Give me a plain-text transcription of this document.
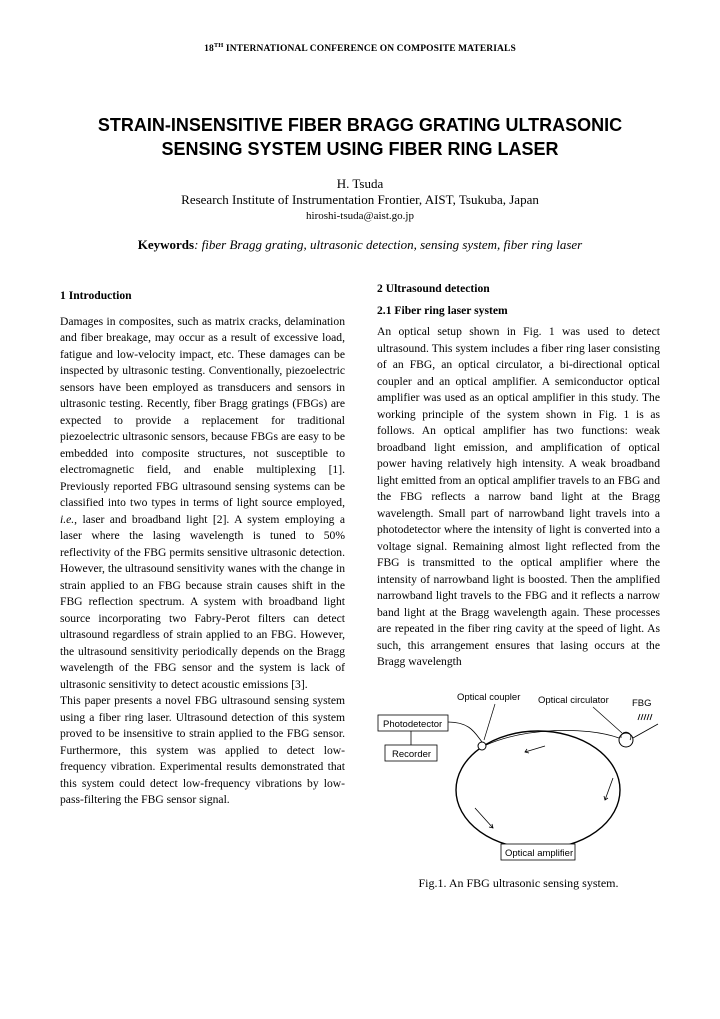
18TH INTERNATIONAL CONFERENCE ON COMPOSITE MATERIALS
STRAIN-INSENSITIVE FIBER BRAGG GRATING ULTRASONIC
SENSING SYSTEM USING FIBER RING LASER
H. Tsuda
Research Institute of Instrumentation Frontier, AIST, Tsukuba, Japan
hiroshi-tsuda@aist.go.jp
Keywords: fiber Bragg grating, ultrasonic detection, sensing system, fiber ring laser
1 Introduction

Damages in composites, such as matrix cracks, delamination and fiber breakage, may occur as a result of excessive load, fatigue and low-velocity impact, etc. These damages can be inspected by ultrasonic testing. Conventionally, piezoelectric sensors have been employed as transducers and sensors in ultrasonic testing. Recently, fiber Bragg gratings (FBGs) are expected to provide a replacement for traditional piezoelectric ultrasonic sensors, because FBGs are easy to be embedded into composite structures, not susceptible to electromagnetic field, and enable multiplexing [1]. Previously reported FBG ultrasound sensing systems can be classified into two types in terms of light source employed, i.e., laser and broadband light [2]. A system employing a laser where the lasing wavelength is tuned to 50% reflectivity of the FBG permits sensitive ultrasonic detection. However, the ultrasound sensitivity wanes with the change in strain applied to an FBG because strain causes shift in the FBG reflection spectrum. A system with broadband light source incorporating two Fabry-Perot filters can detect ultrasound regardless of strain applied to an FBG. However, the ultrasound sensitivity periodically depends on the Bragg wavelength of the FBG sensor and the system is lack of ultrasonic sensitivity to detect acoustic emissions [3].

This paper presents a novel FBG ultrasound sensing system using a fiber ring laser. Ultrasound detection of this system proved to be insensitive to strain applied to the FBG sensor. Furthermore, this system was applied to detect low-frequency vibration. Experimental results demonstrated that this system could detect low-frequency vibrations by low-pass-filtering the FBG sensor signal.

2 Ultrasound detection
2.1 Fiber ring laser system

An optical setup shown in Fig. 1 was used to detect ultrasound. This system includes a fiber ring laser consisting of an FBG, an optical circulator, a bi-directional optical coupler and an optical amplifier. A semiconductor optical amplifier was used as an optical amplifier in this study. The working principle of the system shown in Fig. 1 is as follows. An optical amplifier has two functions: weak broadband light emission, and amplification of optical power having relatively high intensity. A weak broadband light emitted from an optical amplifier travels to an FBG and the FBG reflects a narrow band light at the Bragg wavelength. Small part of narrowband light travels into a photodetector where the intensity of light is converted into a voltage signal. Remaining almost light reflected from the FBG is transmitted to the optical amplifier where the intensity of narrowband light is boosted. Then the amplified narrowband light travels to the FBG and it reflects a narrow band light at the Bragg wavelength again. These processes are repeated in the fiber ring cavity at the speed of light. As such, this arrangement ensures that lasing occurs at the Bragg wavelength

Photodetector
Recorder
Optical coupler Optical circulator FBG
Optical amplifier
Fig.1. An FBG ultrasonic sensing system.
